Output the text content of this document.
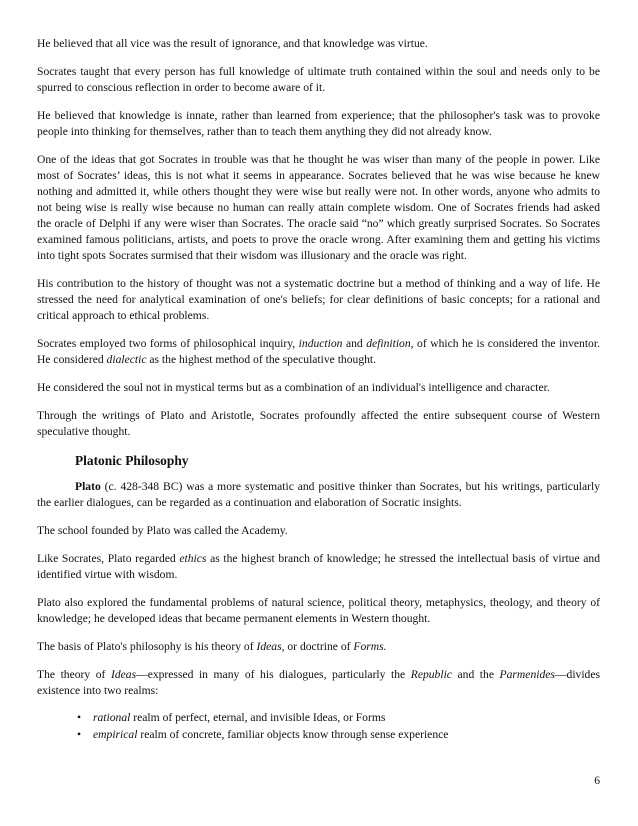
He believed that all vice was the result of ignorance, and that knowledge was virtue.

Socrates taught that every person has full knowledge of ultimate truth contained within the soul and needs only to be spurred to conscious reflection in order to become aware of it.

He believed that knowledge is innate, rather than learned from experience; that the philosopher's task was to provoke people into thinking for themselves, rather than to teach them anything they did not already know.

One of the ideas that got Socrates in trouble was that he thought he was wiser than many of the people in power. Like most of Socrates’ ideas, this is not what it seems in appearance. Socrates believed that he was wise because he knew nothing and admitted it, while others thought they were wise but really were not. In other words, anyone who admits to not being wise is really wise because no human can really attain complete wisdom. One of Socrates friends had asked the oracle of Delphi if any were wiser than Socrates. The oracle said “no” which greatly surprised Socrates. So Socrates examined famous politicians, artists, and poets to prove the oracle wrong. After examining them and getting his victims into tight spots Socrates surmised that their wisdom was illusionary and the oracle was right.

His contribution to the history of thought was not a systematic doctrine but a method of thinking and a way of life. He stressed the need for analytical examination of one's beliefs; for clear definitions of basic concepts; for a rational and critical approach to ethical problems.

Socrates employed two forms of philosophical inquiry, induction and definition, of which he is considered the inventor. He considered dialectic as the highest method of the speculative thought.

He considered the soul not in mystical terms but as a combination of an individual's intelligence and character.

Through the writings of Plato and Aristotle, Socrates profoundly affected the entire subsequent course of Western speculative thought.

Platonic Philosophy

Plato (c. 428-348 BC) was a more systematic and positive thinker than Socrates, but his writings, particularly the earlier dialogues, can be regarded as a continuation and elaboration of Socratic insights.

The school founded by Plato was called the Academy.

Like Socrates, Plato regarded ethics as the highest branch of knowledge; he stressed the intellectual basis of virtue and identified virtue with wisdom.

Plato also explored the fundamental problems of natural science, political theory, metaphysics, theology, and theory of knowledge; he developed ideas that became permanent elements in Western thought.

The basis of Plato's philosophy is his theory of Ideas, or doctrine of Forms.

The theory of Ideas—expressed in many of his dialogues, particularly the Republic and the Parmenides—divides existence into two realms:

• rational realm of perfect, eternal, and invisible Ideas, or Forms
• empirical realm of concrete, familiar objects know through sense experience
6
